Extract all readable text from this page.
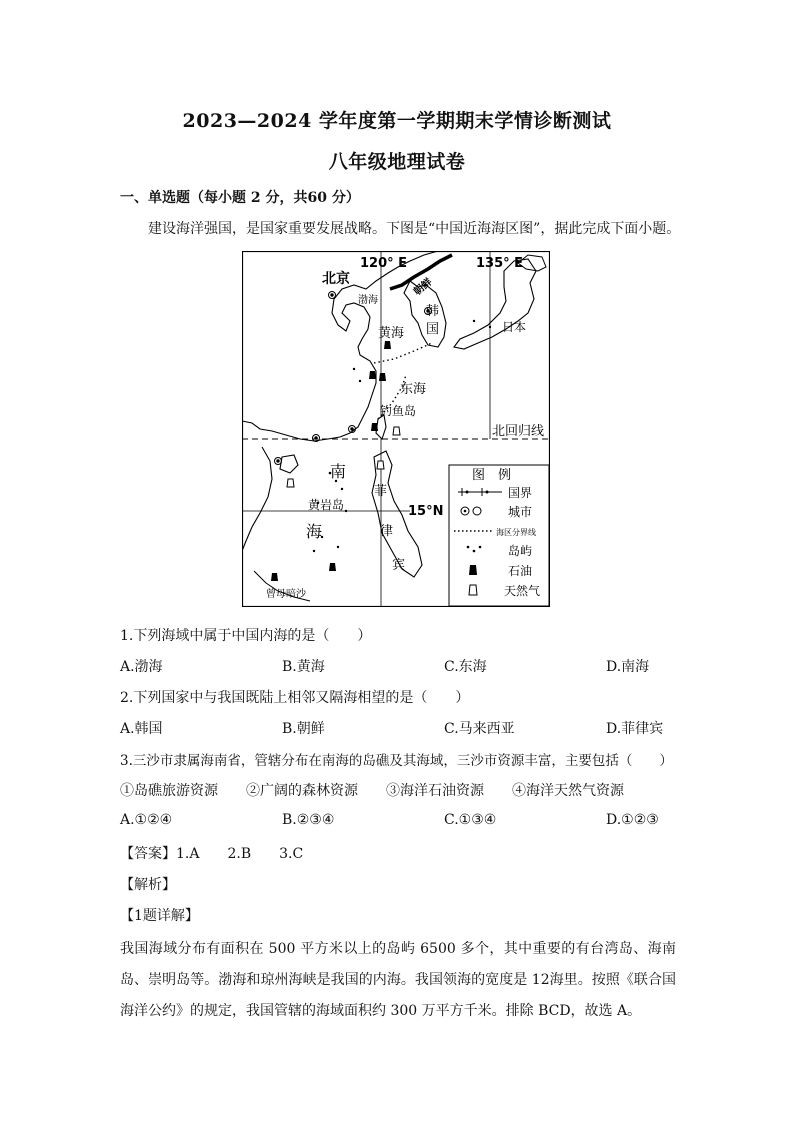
2023—2024 学年度第一学期期末学情诊断测试
八年级地理试卷
一、单选题（每小题 2 分，共60 分）
建设海洋强国，是国家重要发展战略。下图是“中国近海海区图”，据此完成下面小题。
120° E	135° E
北京
渤海
朝鲜
韩
国	日本
黄海
东海
钓鱼岛
北回归线
南
黄岩岛
海
菲
律
宾
15°N
曾母暗沙
图　例
国界
城市
海区分界线
岛屿
石油
天然气
1.下列海域中属于中国内海的是（　　）
A.渤海	B.黄海	C.东海	D.南海
2.下列国家中与我国既陆上相邻又隔海相望的是（　　）
A.韩国	B.朝鲜	C.马来西亚	D.菲律宾
3.三沙市隶属海南省，管辖分布在南海的岛礁及其海域，三沙市资源丰富，主要包括（　　）
①岛礁旅游资源　　②广阔的森林资源　　③海洋石油资源　　④海洋天然气资源
A.①②④	B.②③④	C.①③④	D.①②③
【答案】1.A　　2.B　　3.C
【解析】
【1题详解】
我国海域分布有面积在 500 平方米以上的岛屿 6500 多个，其中重要的有台湾岛、海南岛、崇明岛等。渤海和琼州海峡是我国的内海。我国领海的宽度是 12海里。按照《联合国海洋公约》的规定，我国管辖的海域面积约 300 万平方千米。排除 BCD，故选 A。
